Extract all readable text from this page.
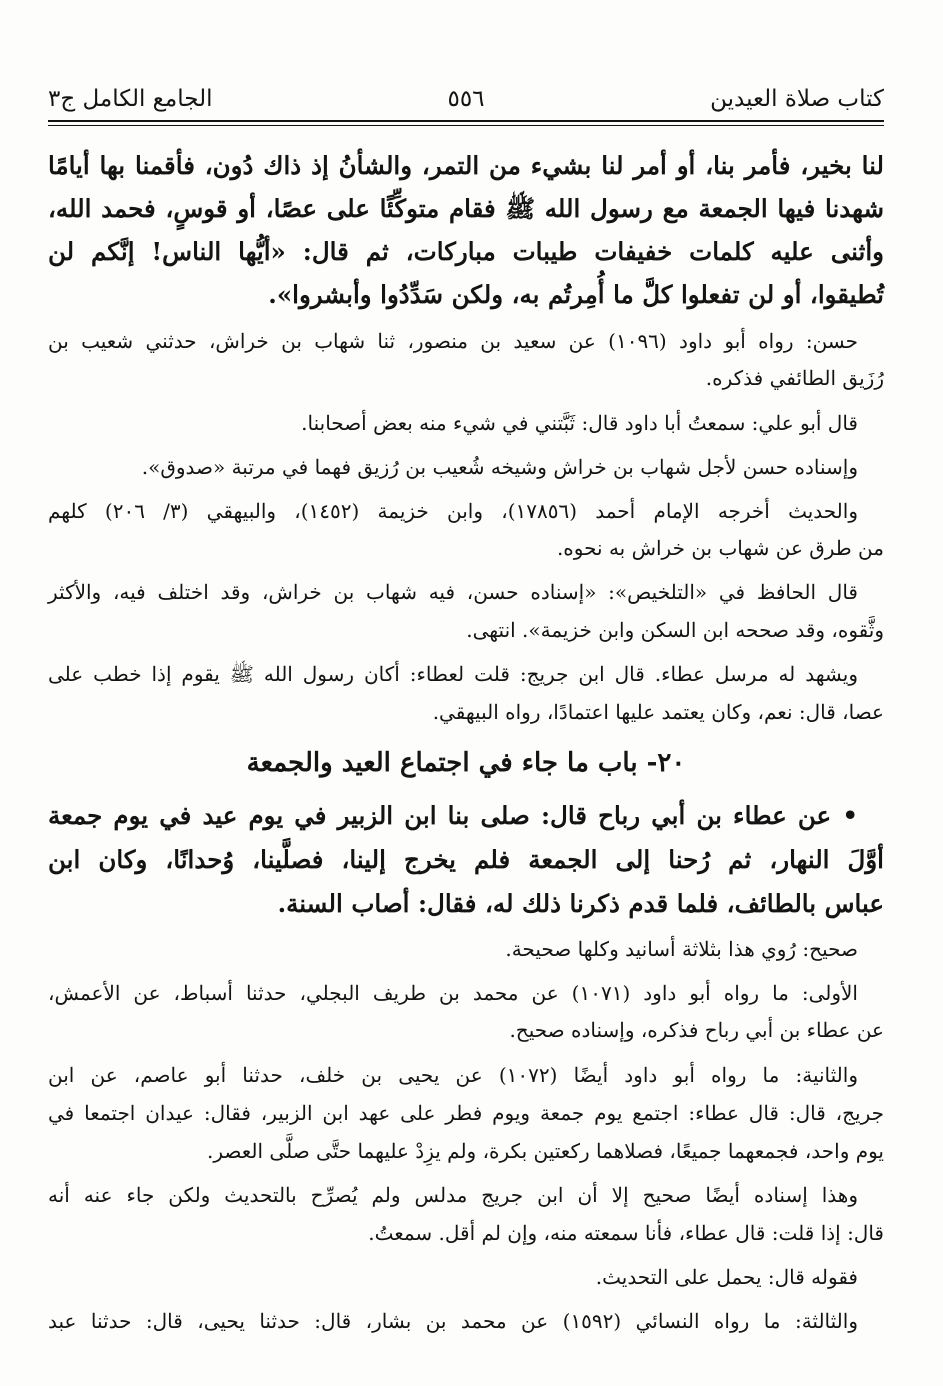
كتاب صلاة العيدين
٥٥٦
الجامع الكامل ج٣
لنا بخير، فأمر بنا، أو أمر لنا بشيء من التمر، والشأنُ إذ ذاك دُون، فأقمنا بها أيامًا
شهدنا فيها الجمعة مع رسول الله ﷺ فقام متوكِّئًا على عصًا، أو قوسٍ، فحمد الله،
وأثنى عليه كلمات خفيفات طيبات مباركات، ثم قال: «أيُّها الناس! إنَّكم لن
تُطيقوا، أو لن تفعلوا كلَّ ما أُمِرتُم به، ولكن سَدِّدُوا وأبشروا».
حسن: رواه أبو داود (١٠٩٦) عن سعيد بن منصور، ثنا شهاب بن خراش، حدثني شعيب بن
رُزَيق الطائفي فذكره.
قال أبو علي: سمعتُ أبا داود قال: ثَبَّتني في شيء منه بعض أصحابنا.
وإسناده حسن لأجل شهاب بن خراش وشيخه شُعيب بن رُزيق فهما في مرتبة «صدوق».
والحديث أخرجه الإمام أحمد (١٧٨٥٦)، وابن خزيمة (١٤٥٢)، والبيهقي (٣/ ٢٠٦) كلهم
من طرق عن شهاب بن خراش به نحوه.
قال الحافظ في «التلخيص»: «إسناده حسن، فيه شهاب بن خراش، وقد اختلف فيه، والأكثر
وثَّقوه، وقد صححه ابن السكن وابن خزيمة». انتهى.
ويشهد له مرسل عطاء. قال ابن جريج: قلت لعطاء: أكان رسول الله ﷺ يقوم إذا خطب على
عصا، قال: نعم، وكان يعتمد عليها اعتمادًا، رواه البيهقي.
٢٠- باب ما جاء في اجتماع العيد والجمعة
• عن عطاء بن أبي رباح قال: صلى بنا ابن الزبير في يوم عيد في يوم جمعة
أوَّلَ النهار، ثم رُحنا إلى الجمعة فلم يخرج إلينا، فصلَّينا، وُحدانًا، وكان ابن
عباس بالطائف، فلما قدم ذكرنا ذلك له، فقال: أصاب السنة.
صحيح: رُوي هذا بثلاثة أسانيد وكلها صحيحة.
الأولى: ما رواه أبو داود (١٠٧١) عن محمد بن طريف البجلي، حدثنا أسباط، عن الأعمش،
عن عطاء بن أبي رباح فذكره، وإسناده صحيح.
والثانية: ما رواه أبو داود أيضًا (١٠٧٢) عن يحيى بن خلف، حدثنا أبو عاصم، عن ابن
جريج، قال: قال عطاء: اجتمع يوم جمعة ويوم فطر على عهد ابن الزبير، فقال: عيدان اجتمعا في
يوم واحد، فجمعهما جميعًا، فصلاهما ركعتين بكرة، ولم يزِدْ عليهما حتَّى صلَّى العصر.
وهذا إسناده أيضًا صحيح إلا أن ابن جريج مدلس ولم يُصرِّح بالتحديث ولكن جاء عنه أنه
قال: إذا قلت: قال عطاء، فأنا سمعته منه، وإن لم أقل. سمعتُ.
فقوله قال: يحمل على التحديث.
والثالثة: ما رواه النسائي (١٥٩٢) عن محمد بن بشار، قال: حدثنا يحيى، قال: حدثنا عبد
